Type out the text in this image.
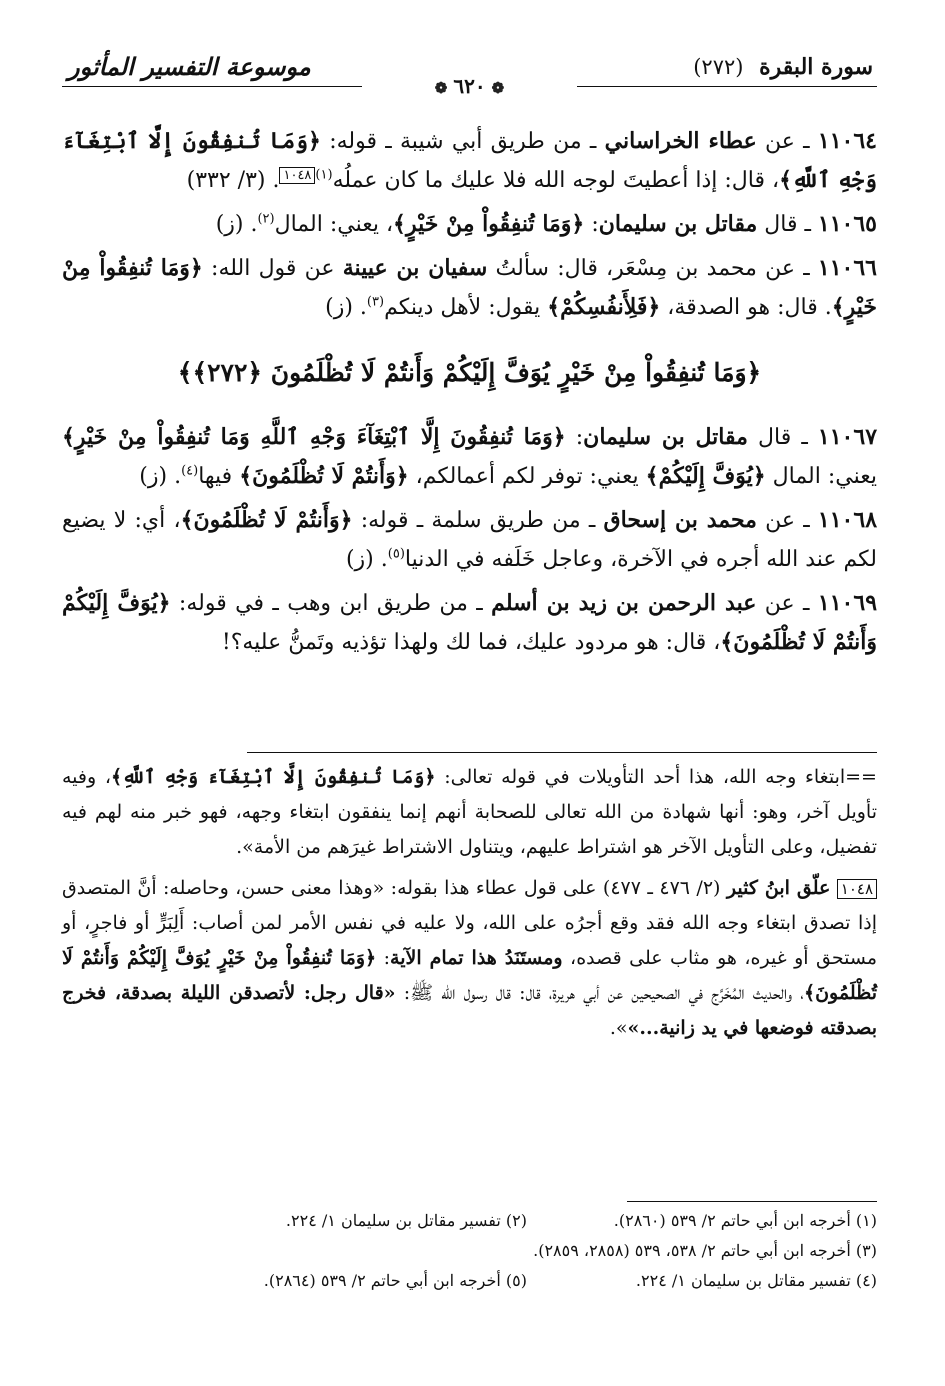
سورة البقرة (٢٧٢)
موسوعة التفسير المأثور
❁٦٢٠❁

١١٠٦٤ ـ عن عطاء الخراساني ـ من طريق أبي شيبة ـ قوله: ﴿وَمَا تُنفِقُونَ إِلَّا ٱبْتِغَآءَ وَجْهِ ٱللَّهِ﴾، قال: إذا أعطيتَ لوجه الله فلا عليك ما كان عملُه$^{(١)}$١٠٤٨. (٣/ ٣٣٢)

١١٠٦٥ ـ قال مقاتل بن سليمان: ﴿وَمَا تُنفِقُواْ مِنْ خَيْرٍ﴾، يعني: المال$^{(٢)}$. (ز)

١١٠٦٦ ـ عن محمد بن مِسْعَر، قال: سألتُ سفيان بن عيينة عن قول الله: ﴿وَمَا تُنفِقُواْ مِنْ خَيْرٍ﴾. قال: هو الصدقة، ﴿فَلِأَنفُسِكُمْ﴾ يقول: لأهل دينكم$^{(٣)}$. (ز)

﴿وَمَا تُنفِقُواْ مِنْ خَيْرٍ يُوَفَّ إِلَيْكُمْ وَأَنتُمْ لَا تُظْلَمُونَ ﴿٢٧٢﴾﴾

١١٠٦٧ ـ قال مقاتل بن سليمان: ﴿وَمَا تُنفِقُونَ إِلَّا ٱبْتِغَآءَ وَجْهِ ٱللَّهِ وَمَا تُنفِقُواْ مِنْ خَيْرٍ﴾ يعني: المال ﴿يُوَفَّ إِلَيْكُمْ﴾ يعني: توفر لكم أعمالكم، ﴿وَأَنتُمْ لَا تُظْلَمُونَ﴾ فيها$^{(٤)}$. (ز)

١١٠٦٨ ـ عن محمد بن إسحاق ـ من طريق سلمة ـ قوله: ﴿وَأَنتُمْ لَا تُظْلَمُونَ﴾، أي: لا يضيع لكم عند الله أجره في الآخرة، وعاجل خَلَفه في الدنيا$^{(٥)}$. (ز)

١١٠٦٩ ـ عن عبد الرحمن بن زيد بن أسلم ـ من طريق ابن وهب ـ في قوله: ﴿يُوَفَّ إِلَيْكُمْ وَأَنتُمْ لَا تُظْلَمُونَ﴾، قال: هو مردود عليك، فما لك ولهذا تؤذيه وتَمنُّ عليه؟!

==ابتغاء وجه الله، هذا أحد التأويلات في قوله تعالى: ﴿وَمَا تُنفِقُونَ إِلَّا ٱبْتِغَآءَ وَجْهِ ٱللَّهِ﴾، وفيه تأويل آخر، وهو: أنها شهادة من الله تعالى للصحابة أنهم إنما ينفقون ابتغاء وجهه، فهو خبر منه لهم فيه تفضيل، وعلى التأويل الآخر هو اشتراط عليهم، ويتناول الاشتراط غيرَهم من الأمة».

١٠٤٨ علّق ابنُ كثير (٢/ ٤٧٦ ـ ٤٧٧) على قول عطاء هذا بقوله: «وهذا معنى حسن، وحاصله: أنَّ المتصدق إذا تصدق ابتغاء وجه الله فقد وقع أجرُه على الله، ولا عليه في نفس الأمر لمن أصاب: أَلِبَرٍّ أو فاجرٍ، أو مستحق أو غيره، هو مثاب على قصده، ومستَنَدُ هذا تمام الآية: ﴿وَمَا تُنفِقُواْ مِنْ خَيْرٍ يُوَفَّ إِلَيْكُمْ وَأَنتُمْ لَا تُظْلَمُونَ﴾، والحديث المُخَرَّج في الصحيحين عن أبي هريرة، قال: قال رسول الله ﷺ: «قال رجل: لأتصدقن الليلة بصدقة، فخرج بصدقته فوضعها في يد زانية...»».

(١) أخرجه ابن أبي حاتم ٢/ ٥٣٩ (٢٨٦٠).
(٢) تفسير مقاتل بن سليمان ١/ ٢٢٤.
(٣) أخرجه ابن أبي حاتم ٢/ ٥٣٨، ٥٣٩ (٢٨٥٨، ٢٨٥٩).
(٤) تفسير مقاتل بن سليمان ١/ ٢٢٤.
(٥) أخرجه ابن أبي حاتم ٢/ ٥٣٩ (٢٨٦٤).
